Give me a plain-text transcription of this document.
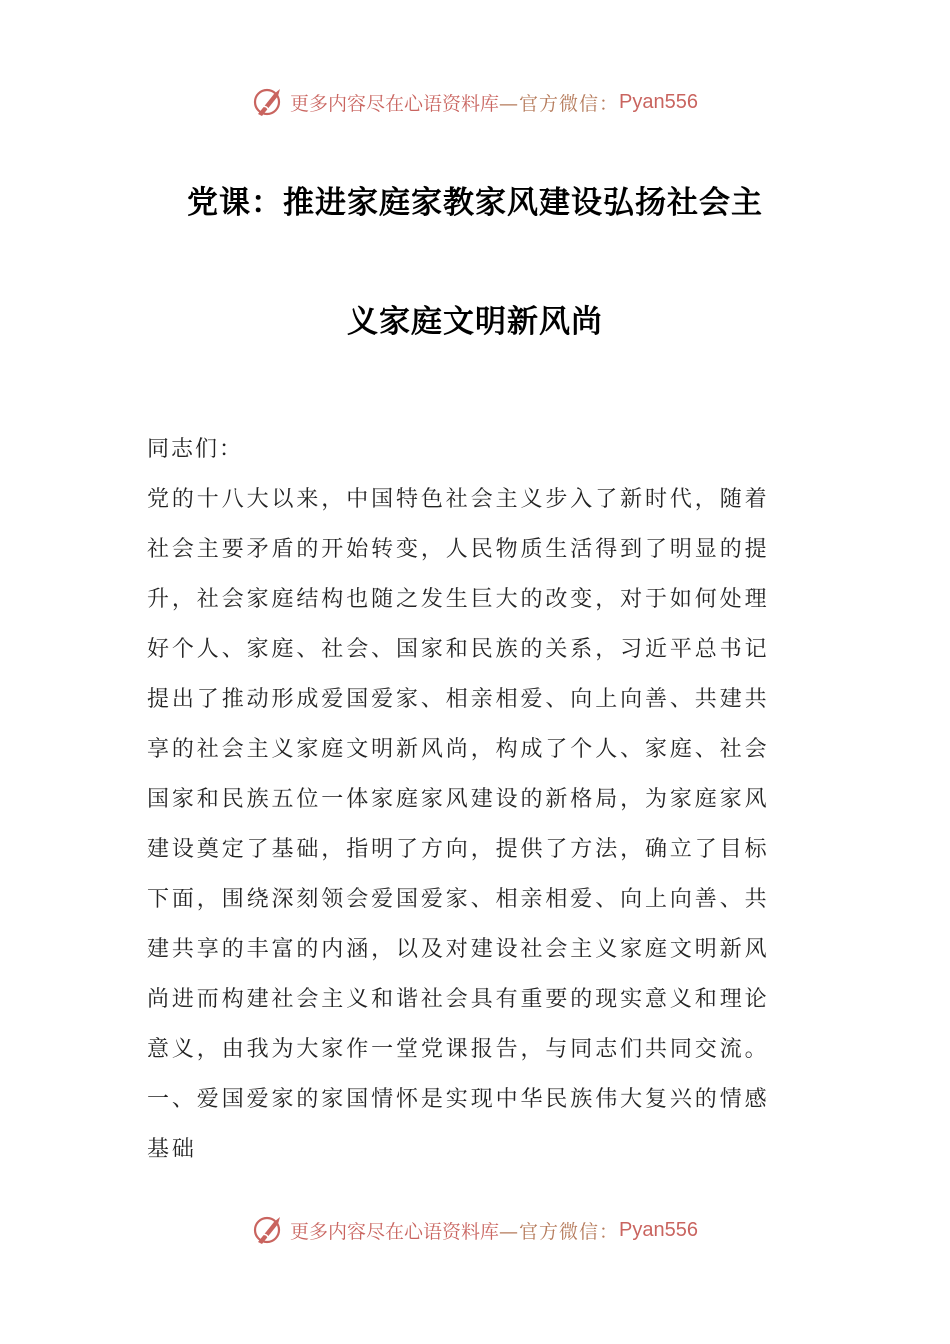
更多内容尽在心语资料库 —官方微信： Pyan556
党课：推进家庭家教家风建设弘扬社会主
义家庭文明新风尚
同志们：
党的十八大以来，中国特色社会主义步入了新时代，随着
社会主要矛盾的开始转变，人民物质生活得到了明显的提
升，社会家庭结构也随之发生巨大的改变，对于如何处理
好个人、家庭、社会、国家和民族的关系，习近平总书记
提出了推动形成爱国爱家、相亲相爱、向上向善、共建共
享的社会主义家庭文明新风尚，构成了个人、家庭、社会
国家和民族五位一体家庭家风建设的新格局，为家庭家风
建设奠定了基础，指明了方向，提供了方法，确立了目标
下面，围绕深刻领会爱国爱家、相亲相爱、向上向善、共
建共享的丰富的内涵，以及对建设社会主义家庭文明新风
尚进而构建社会主义和谐社会具有重要的现实意义和理论
意义，由我为大家作一堂党课报告，与同志们共同交流。
一、爱国爱家的家国情怀是实现中华民族伟大复兴的情感
基础
更多内容尽在心语资料库 —官方微信： Pyan556
